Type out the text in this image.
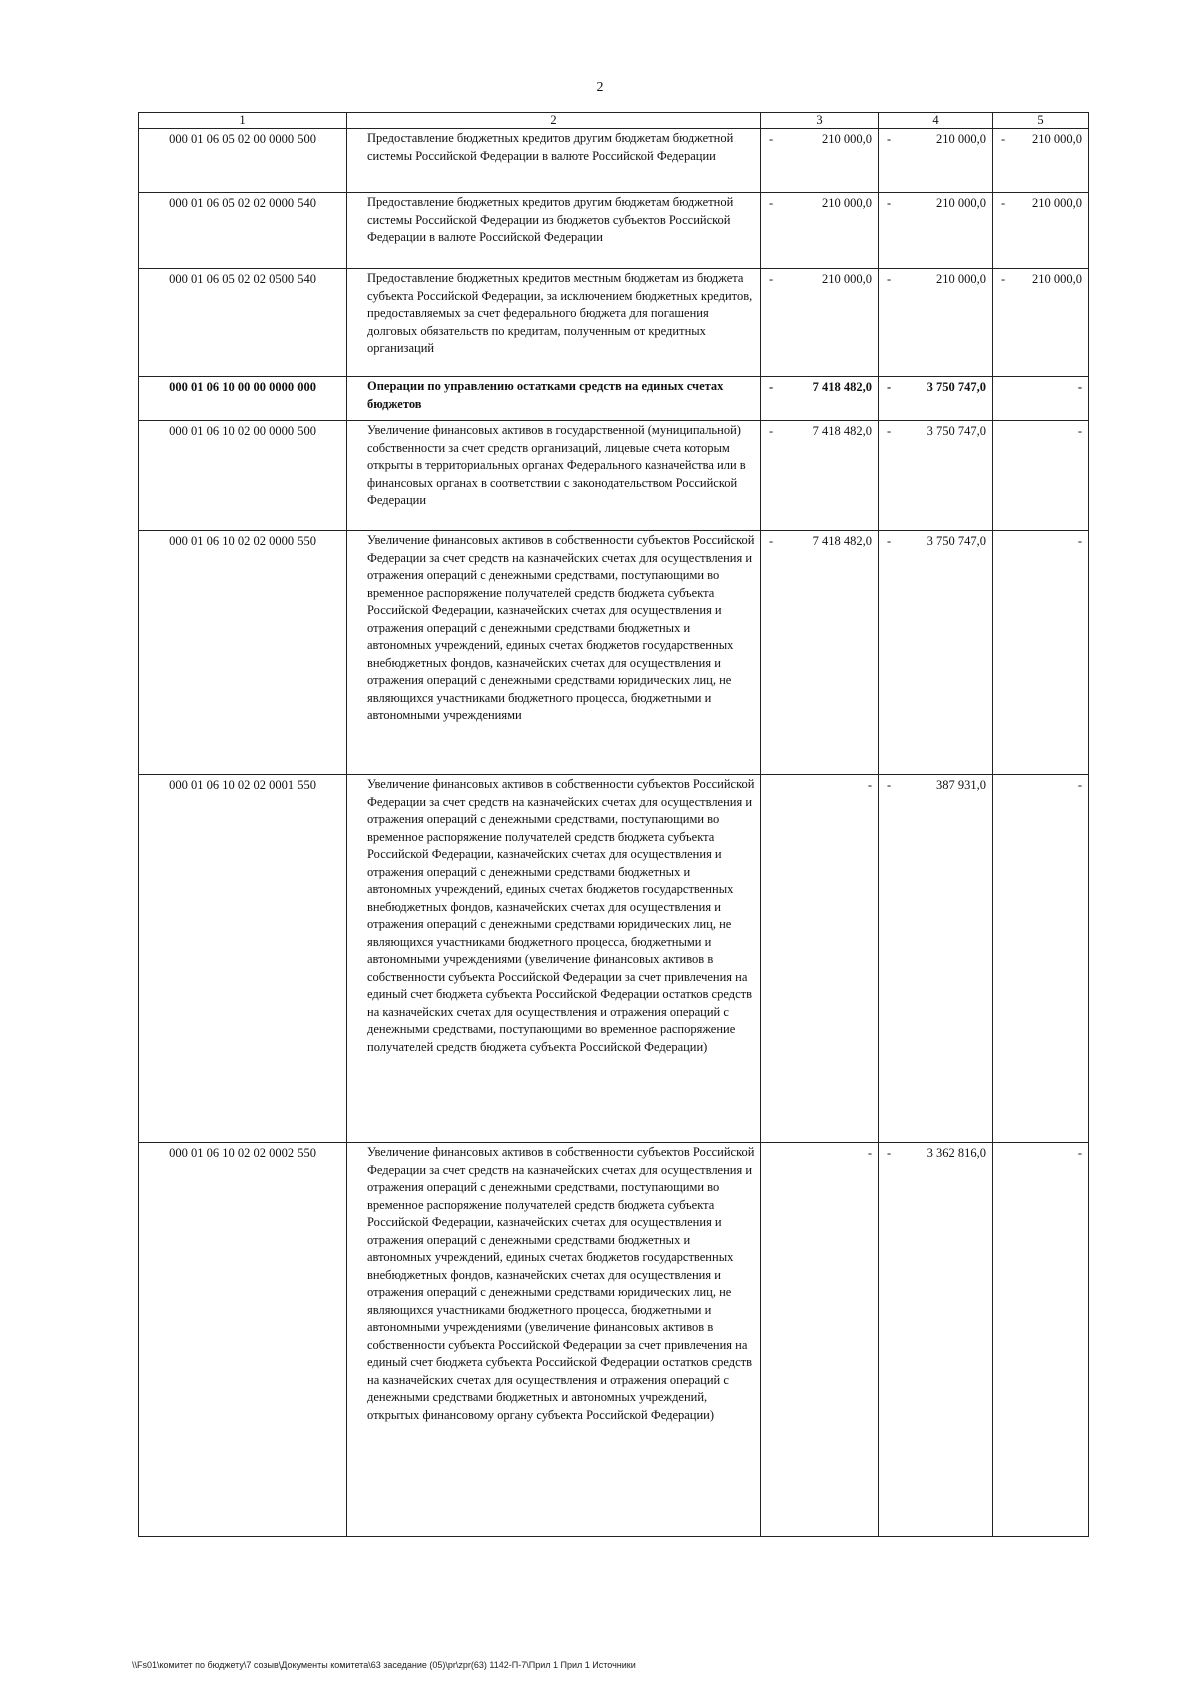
2
1	2	3	4	5
000 01 06 05 02 00 0000 500	Предоставление бюджетных кредитов другим бюджетам бюджетной системы Российской Федерации в валюте Российской Федерации	- 210 000,0	- 210 000,0	- 210 000,0

000 01 06 05 02 02 0000 540	Предоставление бюджетных кредитов другим бюджетам бюджетной системы Российской Федерации из бюджетов субъектов Российской Федерации в валюте Российской Федерации	- 210 000,0	- 210 000,0	- 210 000,0

000 01 06 05 02 02 0500 540	Предоставление бюджетных кредитов местным бюджетам из бюджета субъекта Российской Федерации, за исключением бюджетных кредитов, предоставляемых за счет федерального бюджета для погашения долговых обязательств по кредитам, полученным от кредитных организаций	- 210 000,0	- 210 000,0	- 210 000,0

000 01 06 10 00 00 0000 000	Операции по управлению остатками средств на единых счетах бюджетов	- 7 418 482,0	- 3 750 747,0	-

000 01 06 10 02 00 0000 500	Увеличение финансовых активов в государственной (муниципальной) собственности за счет средств организаций, лицевые счета которым открыты в территориальных органах Федерального казначейства или в финансовых органах в соответствии с законодательством Российской Федерации	- 7 418 482,0	- 3 750 747,0	-

000 01 06 10 02 02 0000 550	Увеличение финансовых активов в собственности субъектов Российской Федерации за счет средств на казначейских счетах для осуществления и отражения операций с денежными средствами, поступающими во временное распоряжение получателей средств бюджета субъекта Российской Федерации, казначейских счетах для осуществления и отражения операций с денежными средствами бюджетных и автономных учреждений, единых счетах бюджетов государственных внебюджетных фондов, казначейских счетах для осуществления и отражения операций с денежными средствами юридических лиц, не являющихся участниками бюджетного процесса, бюджетными и автономными учреждениями	- 7 418 482,0	- 3 750 747,0	-

000 01 06 10 02 02 0001 550	Увеличение финансовых активов в собственности субъектов Российской Федерации за счет средств на казначейских счетах для осуществления и отражения операций с денежными средствами, поступающими во временное распоряжение получателей средств бюджета субъекта Российской Федерации, казначейских счетах для осуществления и отражения операций с денежными средствами бюджетных и автономных учреждений, единых счетах бюджетов государственных внебюджетных фондов, казначейских счетах для осуществления и отражения операций с денежными средствами юридических лиц, не являющихся участниками бюджетного процесса, бюджетными и автономными учреждениями (увеличение финансовых активов в собственности субъекта Российской Федерации за счет привлечения на единый счет бюджета субъекта Российской Федерации остатков средств на казначейских счетах для осуществления и отражения операций с денежными средствами, поступающими во временное распоряжение получателей средств бюджета субъекта Российской Федерации)	-	- 387 931,0	-

000 01 06 10 02 02 0002 550	Увеличение финансовых активов в собственности субъектов Российской Федерации за счет средств на казначейских счетах для осуществления и отражения операций с денежными средствами, поступающими во временное распоряжение получателей средств бюджета субъекта Российской Федерации, казначейских счетах для осуществления и отражения операций с денежными средствами бюджетных и автономных учреждений, единых счетах бюджетов государственных внебюджетных фондов, казначейских счетах для осуществления и отражения операций с денежными средствами юридических лиц, не являющихся участниками бюджетного процесса, бюджетными и автономными учреждениями (увеличение финансовых активов в собственности субъекта Российской Федерации за счет привлечения на единый счет бюджета субъекта Российской Федерации остатков средств на казначейских счетах для осуществления и отражения операций с денежными средствами бюджетных и автономных учреждений, открытых финансовому органу субъекта Российской Федерации)	-	- 3 362 816,0	-
\\Fs01\комитет по бюджету\7 созыв\Документы комитета\63 заседание (05)\pr\zpr(63) 1142-П-7\Прил 1 Прил 1 Источники
